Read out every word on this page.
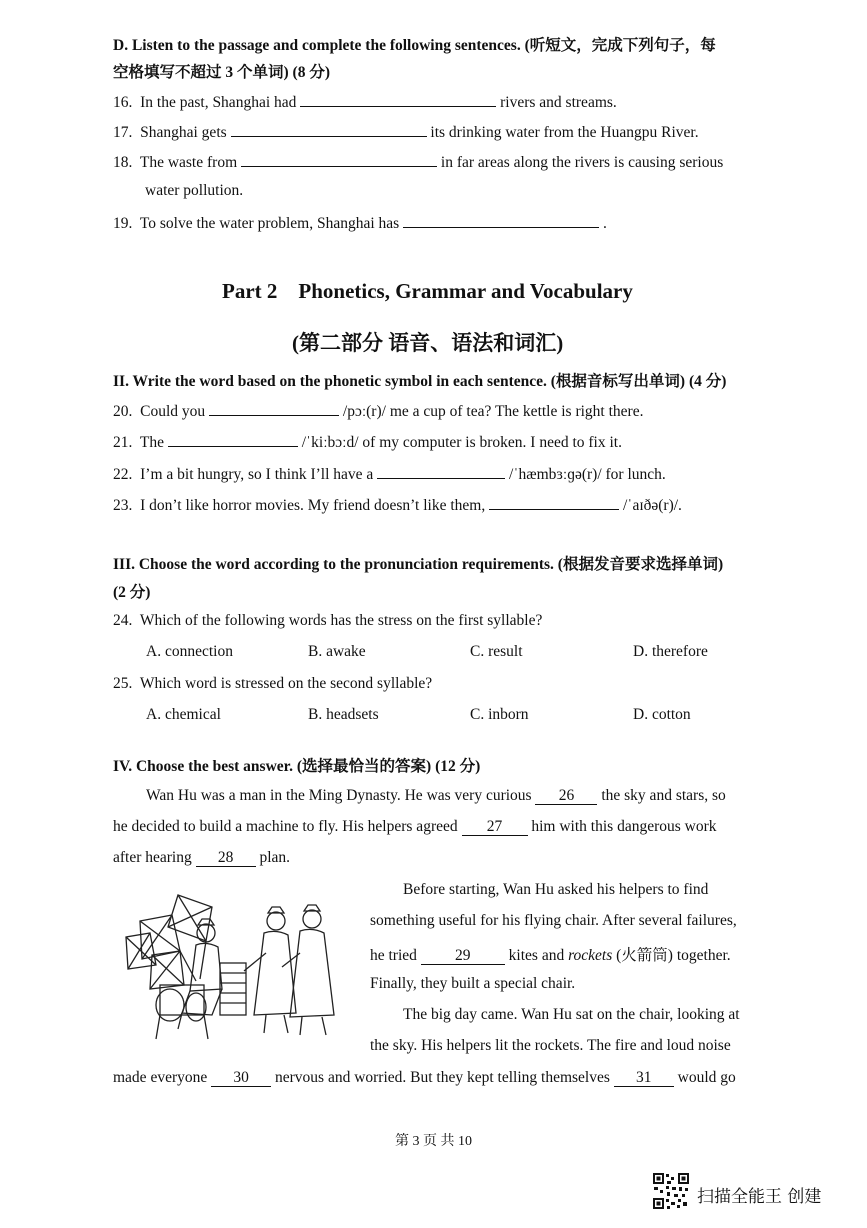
D. Listen to the passage and complete the following sentences. (听短文，完成下列句子，每
空格填写不超过 3 个单词) (8 分)
16. In the past, Shanghai had	rivers and streams.
17. Shanghai gets	its drinking water from the Huangpu River.
18. The waste from	in far areas along the rivers is causing serious
water pollution.
19. To solve the water problem, Shanghai has	.
Part 2    Phonetics, Grammar and Vocabulary
(第二部分 语音、语法和词汇)
II. Write the word based on the phonetic symbol in each sentence. (根据音标写出单词) (4 分)
20. Could you	/pɔː(r)/ me a cup of tea? The kettle is right there.
21. The	/ˈkiːbɔːd/ of my computer is broken. I need to fix it.
22. I’m a bit hungry, so I think I’ll have a	/ˈhæmbɜːɡə(r)/ for lunch.
23. I don’t like horror movies. My friend doesn’t like them,	/ˈaɪðə(r)/.
III. Choose the word according to the pronunciation requirements. (根据发音要求选择单词)
(2 分)
24. Which of the following words has the stress on the first syllable?
A. connection	B. awake	C. result	D. therefore
25. Which word is stressed on the second syllable?
A. chemical	B. headsets	C. inborn	D. cotton
IV. Choose the best answer. (选择最恰当的答案) (12 分)
Wan Hu was a man in the Ming Dynasty. He was very curious 26 the sky and stars, so
he decided to build a machine to fly. His helpers agreed 27 him with this dangerous work
after hearing 28 plan.
Before starting, Wan Hu asked his helpers to find
something useful for his flying chair. After several failures,
he tried 29 kites and rockets (火箭筒) together.
Finally, they built a special chair.
The big day came. Wan Hu sat on the chair, looking at
the sky. His helpers lit the rockets. The fire and loud noise
made everyone 30 nervous and worried. But they kept telling themselves 31 would go
第 3 页 共 10
扫描全能王 创建
